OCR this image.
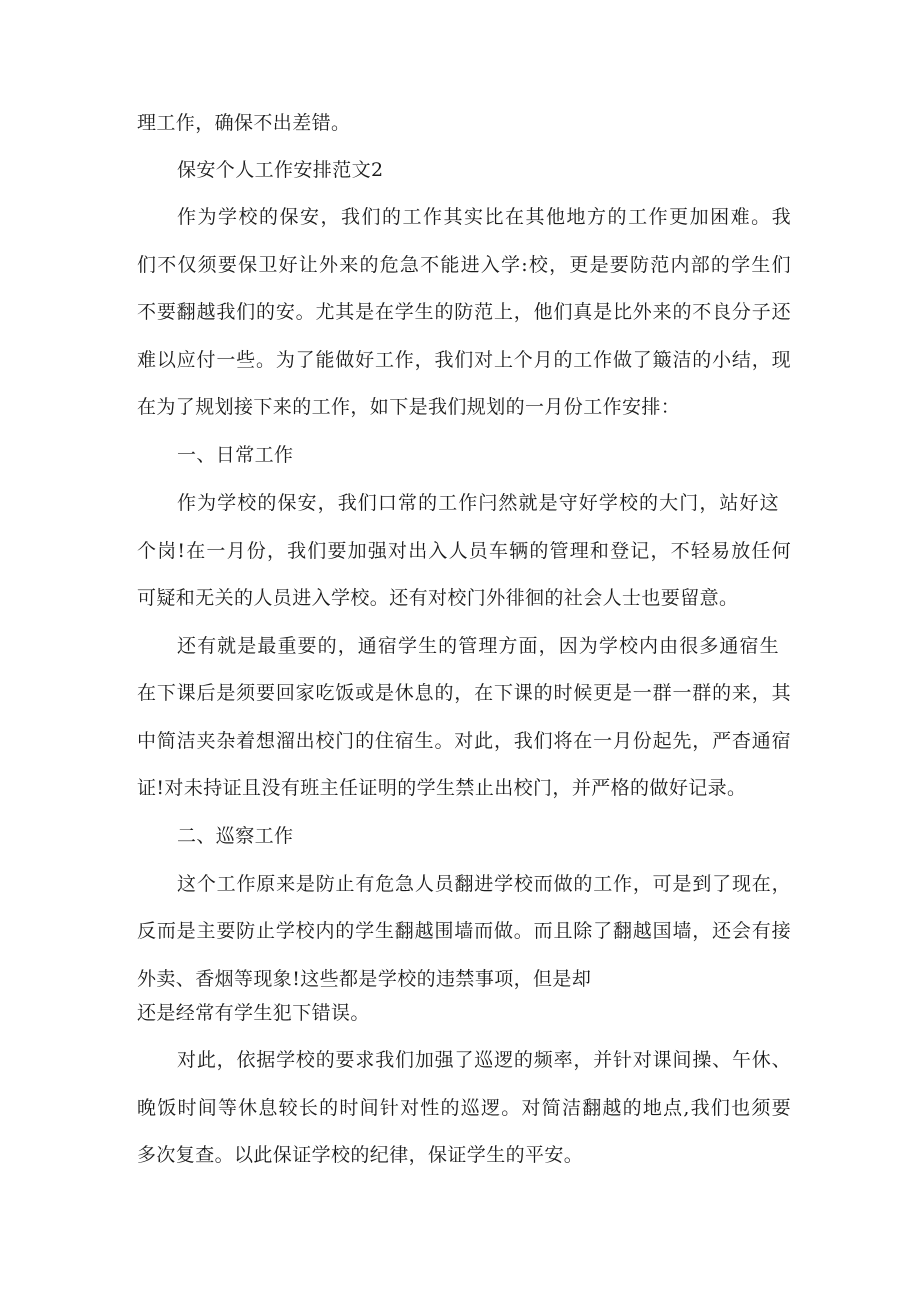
理工作，确保不出差错。
保安个人工作安排范文2
作为学校的保安，我们的工作其实比在其他地方的工作更加困难。我
们不仅须要保卫好让外来的危急不能进入学:校，更是要防范内部的学生们
不要翻越我们的安。尤其是在学生的防范上，他们真是比外来的不良分子还
难以应付一些。为了能做好工作，我们对上个月的工作做了簸洁的小结，现
在为了规划接下来的工作，如下是我们规划的一月份工作安排：
一、日常工作
作为学校的保安，我们口常的工作闩然就是守好学校的大门，站好这
个岗!在一月份，我们要加强对出入人员车辆的管理和登记，不轻易放任何
可疑和无关的人员进入学校。还有对校门外徘徊的社会人士也要留意。
还有就是最重要的，通宿学生的管理方面，因为学校内由很多通宿生
在下课后是须要回家吃饭或是休息的，在下课的时候更是一群一群的来，其
中简洁夹杂着想溜出校门的住宿生。对此，我们将在一月份起先，严杳通宿
证!对未持证且没有班主任证明的学生禁止出校门，并严格的做好记录。
二、巡察工作
这个工作原来是防止有危急人员翻进学校而做的工作，可是到了现在，
反而是主要防止学校内的学生翻越围墙而做。而且除了翻越国墙，还会有接
外卖、香烟等现象!这些都是学校的违禁事项，但是却
还是经常有学生犯下错误。
对此，依据学校的要求我们加强了巡逻的频率，并针对课间操、午休、
晚饭时间等休息较长的时间针对性的巡逻。对简洁翻越的地点,我们也须要
多次复查。以此保证学校的纪律，保证学生的平安。
